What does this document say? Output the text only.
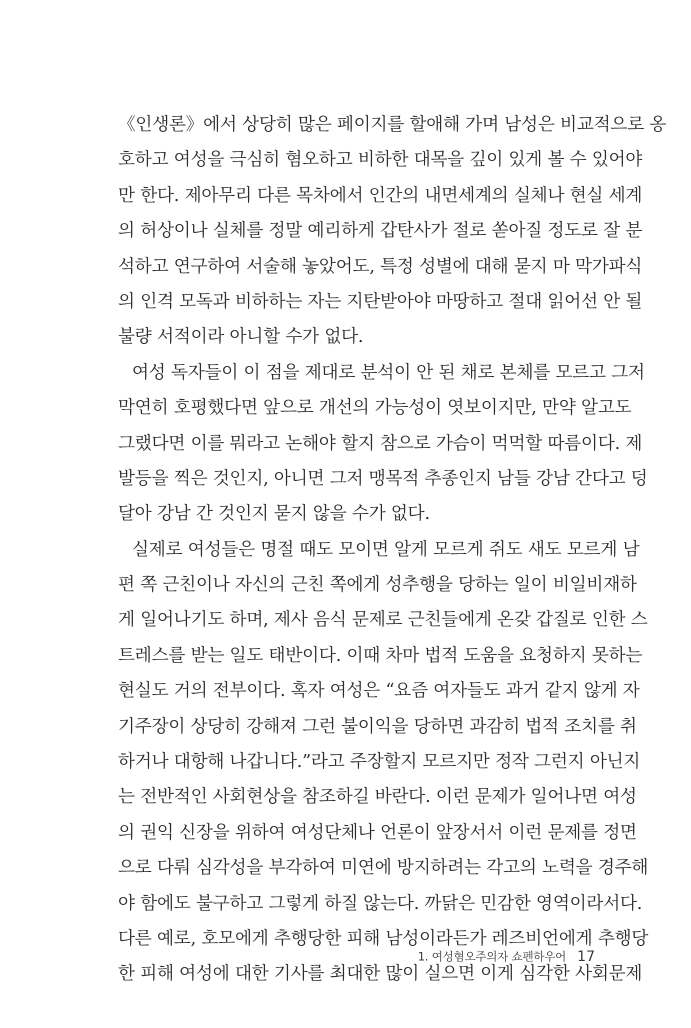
《인생론》에서 상당히 많은 페이지를 할애해 가며 남성은 비교적으로 옹
호하고 여성을 극심히 혐오하고 비하한 대목을 깊이 있게 볼 수 있어야
만 한다. 제아무리 다른 목차에서 인간의 내면세계의 실체나 현실 세계
의 허상이나 실체를 정말 예리하게 갑탄사가 절로 쏟아질 정도로 잘 분
석하고 연구하여 서술해 놓았어도, 특정 성별에 대해 묻지 마 막가파식
의 인격 모독과 비하하는 자는 지탄받아야 마땅하고 절대 읽어선 안 될
불량 서적이라 아니할 수가 없다.
여성 독자들이 이 점을 제대로 분석이 안 된 채로 본체를 모르고 그저
막연히 호평했다면 앞으로 개선의 가능성이 엿보이지만, 만약 알고도
그랬다면 이를 뭐라고 논해야 할지 참으로 가슴이 먹먹할 따름이다. 제
발등을 찍은 것인지, 아니면 그저 맹목적 추종인지 남들 강남 간다고 덩
달아 강남 간 것인지 묻지 않을 수가 없다.
실제로 여성들은 명절 때도 모이면 알게 모르게 쥐도 새도 모르게 남
편 쪽 근친이나 자신의 근친 쪽에게 성추행을 당하는 일이 비일비재하
게 일어나기도 하며, 제사 음식 문제로 근친들에게 온갖 갑질로 인한 스
트레스를 받는 일도 태반이다. 이때 차마 법적 도움을 요청하지 못하는
현실도 거의 전부이다. 혹자 여성은 “요즘 여자들도 과거 같지 않게 자
기주장이 상당히 강해져 그런 불이익을 당하면 과감히 법적 조치를 취
하거나 대항해 나갑니다.”라고 주장할지 모르지만 정작 그런지 아닌지
는 전반적인 사회현상을 참조하길 바란다. 이런 문제가 일어나면 여성
의 권익 신장을 위하여 여성단체나 언론이 앞장서서 이런 문제를 정면
으로 다뤄 심각성을 부각하여 미연에 방지하려는 각고의 노력을 경주해
야 함에도 불구하고 그렇게 하질 않는다. 까닭은 민감한 영역이라서다.
다른 예로, 호모에게 추행당한 피해 남성이라든가 레즈비언에게 추행당
한 피해 여성에 대한 기사를 최대한 많이 실으면 이게 심각한 사회문제
1. 여성혐오주의자 쇼펜하우어 17
